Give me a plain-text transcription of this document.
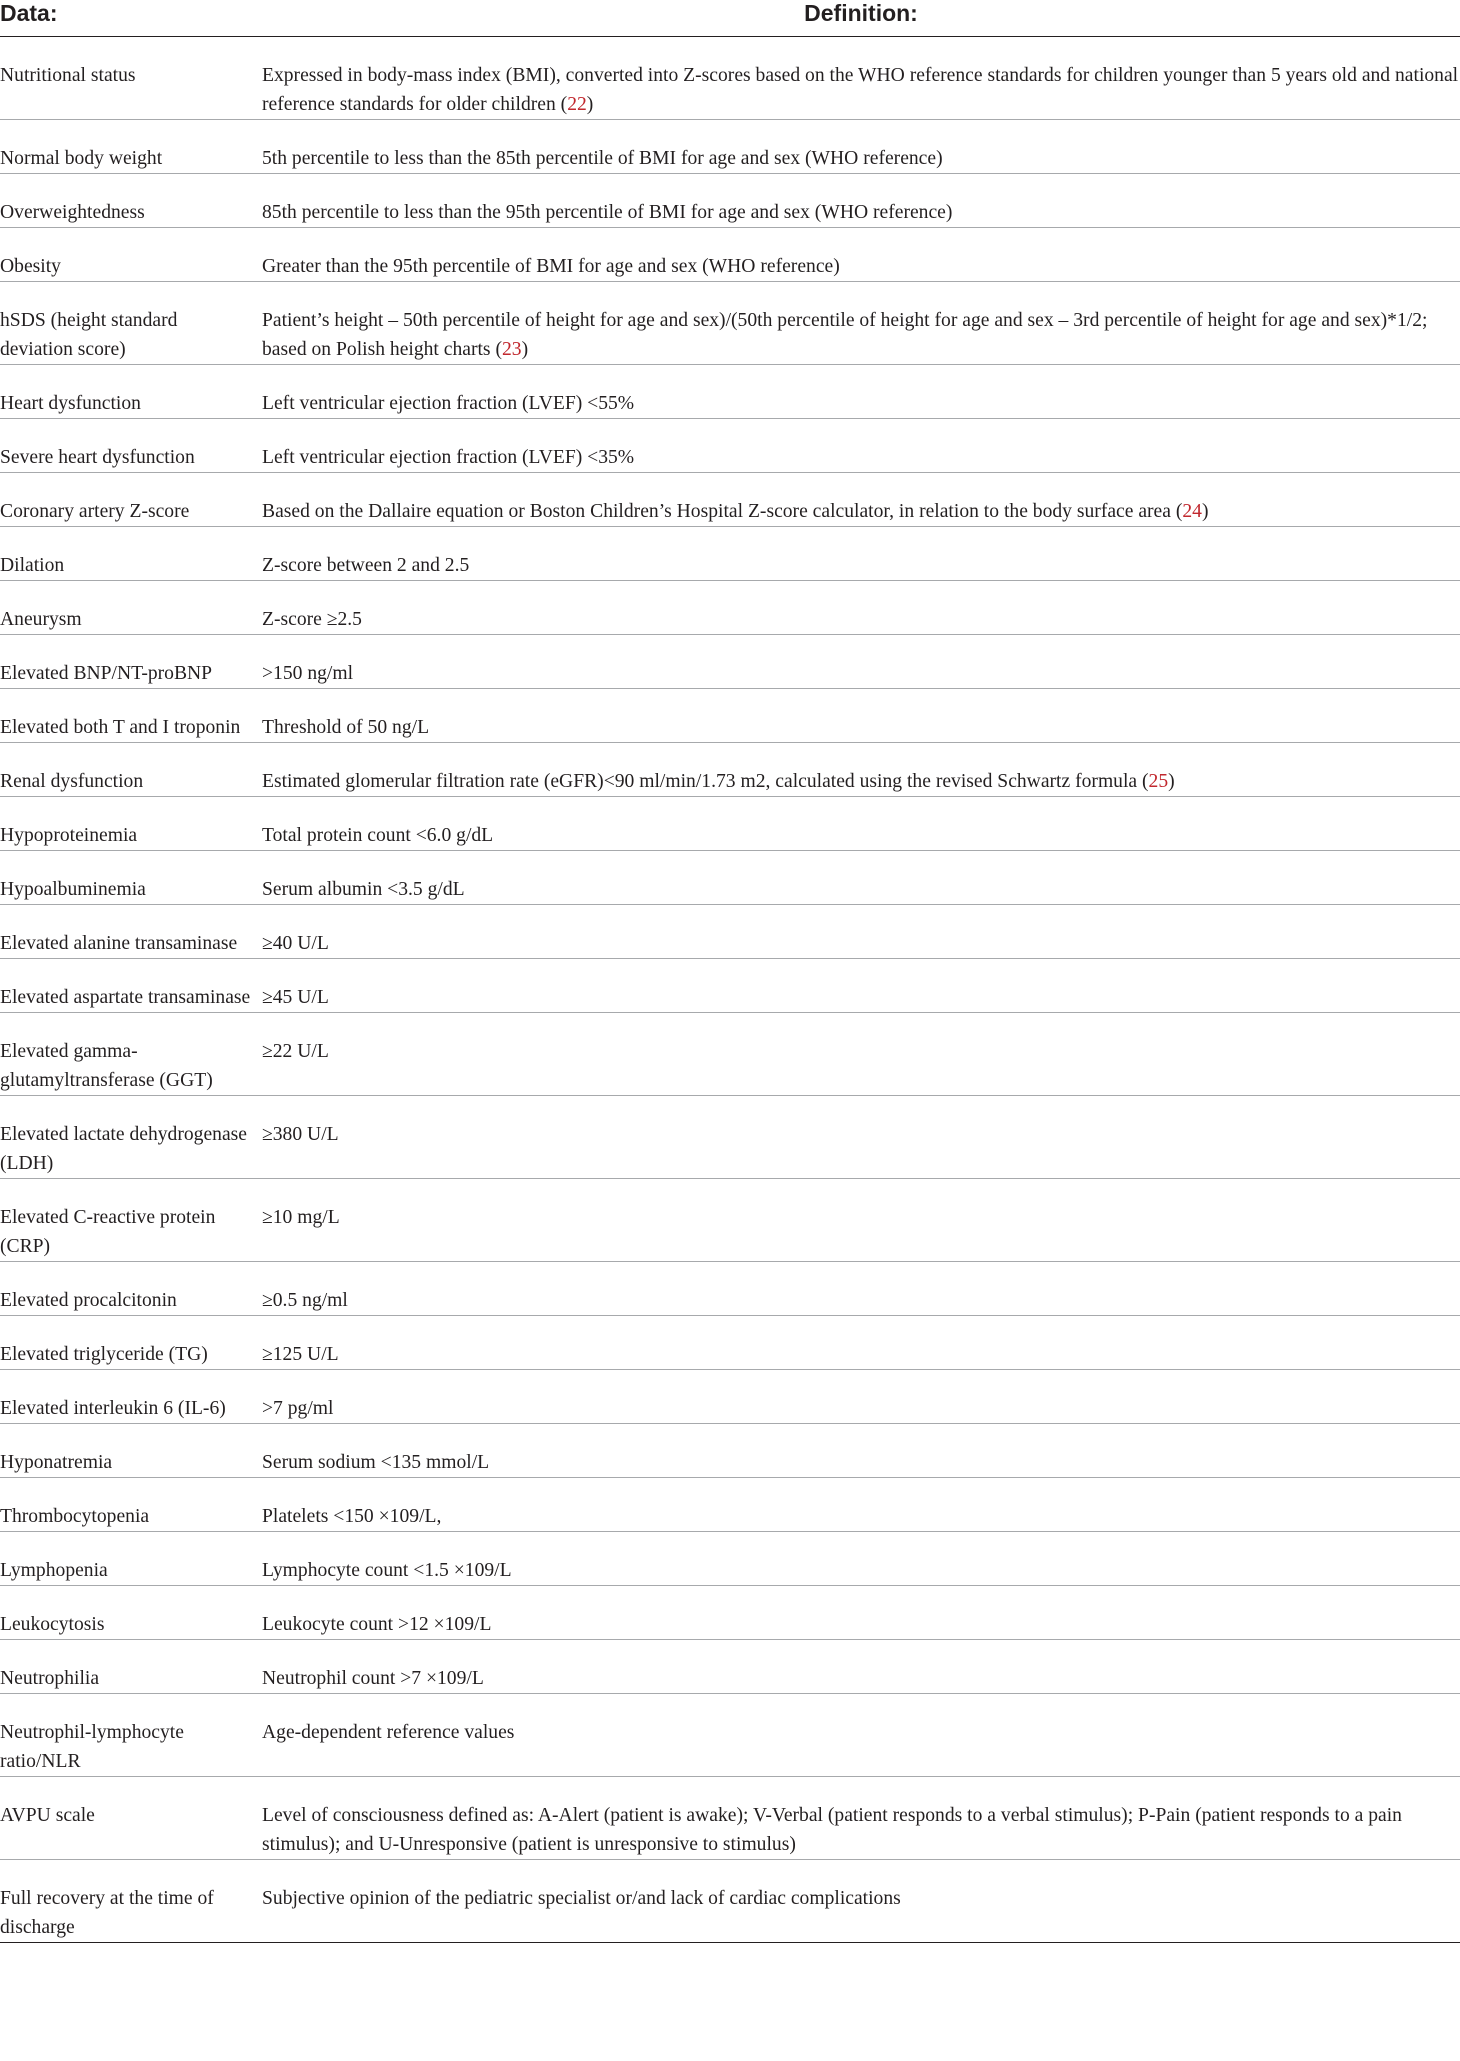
Data:	Definition:
Nutritional status	Expressed in body-mass index (BMI), converted into Z-scores based on the WHO reference standards for children younger than 5 years old and national reference standards for older children (22)
Normal body weight	5th percentile to less than the 85th percentile of BMI for age and sex (WHO reference)
Overweightedness	85th percentile to less than the 95th percentile of BMI for age and sex (WHO reference)
Obesity	Greater than the 95th percentile of BMI for age and sex (WHO reference)
hSDS (height standard deviation score)	Patient’s height – 50th percentile of height for age and sex)/(50th percentile of height for age and sex – 3rd percentile of height for age and sex)*1/2; based on Polish height charts (23)
Heart dysfunction	Left ventricular ejection fraction (LVEF) <55%
Severe heart dysfunction	Left ventricular ejection fraction (LVEF) <35%
Coronary artery Z-score	Based on the Dallaire equation or Boston Children’s Hospital Z-score calculator, in relation to the body surface area (24)
Dilation	Z-score between 2 and 2.5
Aneurysm	Z-score ≥2.5
Elevated BNP/NT-proBNP	>150 ng/ml
Elevated both T and I troponin	Threshold of 50 ng/L
Renal dysfunction	Estimated glomerular filtration rate (eGFR)<90 ml/min/1.73 m2, calculated using the revised Schwartz formula (25)
Hypoproteinemia	Total protein count <6.0 g/dL
Hypoalbuminemia	Serum albumin <3.5 g/dL
Elevated alanine transaminase	≥40 U/L
Elevated aspartate transaminase	≥45 U/L
Elevated gamma-glutamyltransferase (GGT)	≥22 U/L
Elevated lactate dehydrogenase (LDH)	≥380 U/L
Elevated C-reactive protein (CRP)	≥10 mg/L
Elevated procalcitonin	≥0.5 ng/ml
Elevated triglyceride (TG)	≥125 U/L
Elevated interleukin 6 (IL-6)	>7 pg/ml
Hyponatremia	Serum sodium <135 mmol/L
Thrombocytopenia	Platelets <150 ×109/L,
Lymphopenia	Lymphocyte count <1.5 ×109/L
Leukocytosis	Leukocyte count >12 ×109/L
Neutrophilia	Neutrophil count >7 ×109/L
Neutrophil-lymphocyte ratio/NLR	Age-dependent reference values
AVPU scale	Level of consciousness defined as: A-Alert (patient is awake); V-Verbal (patient responds to a verbal stimulus); P-Pain (patient responds to a pain stimulus); and U-Unresponsive (patient is unresponsive to stimulus)
Full recovery at the time of discharge	Subjective opinion of the pediatric specialist or/and lack of cardiac complications
